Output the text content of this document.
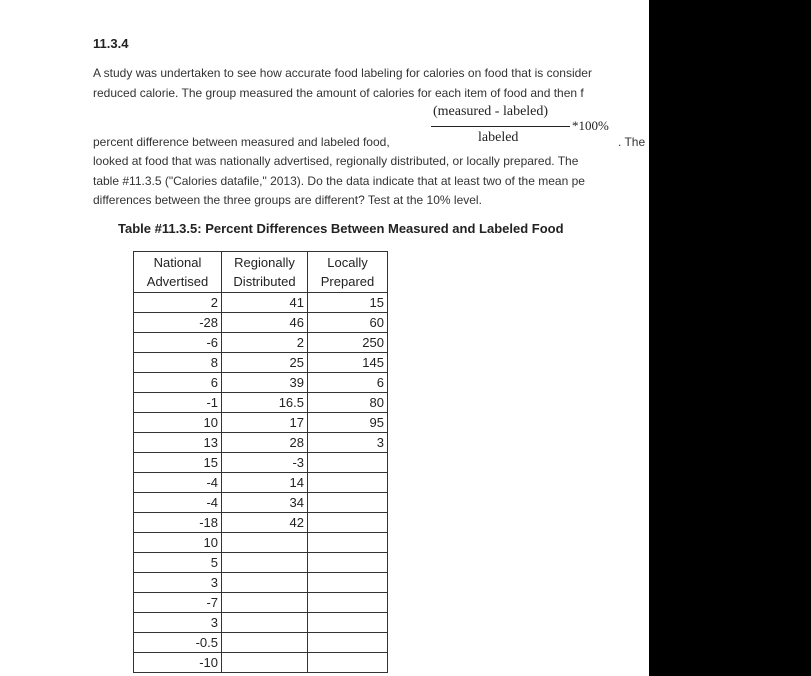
11.3.4
A study was undertaken to see how accurate food labeling for calories on food that is consider
reduced calorie. The group measured the amount of calories for each item of food and then f
(measured - labeled)
labeled
*100%
percent difference between measured and labeled food,	. The
looked at food that was nationally advertised, regionally distributed, or locally prepared. The
table #11.3.5 ("Calories datafile," 2013). Do the data indicate that at least two of the mean pe
differences between the three groups are different? Test at the 10% level.
Table #11.3.5: Percent Differences Between Measured and Labeled Food
National
Advertised	Regionally
Distributed	Locally
Prepared

2	41	15
-28	46	60
-6	2	250
8	25	145
6	39	6
-1	16.5	80
10	17	95
13	28	3
15	-3	
-4	14	
-4	34	
-18	42	
10		
5		
3		
-7		
3		
-0.5		
-10		
